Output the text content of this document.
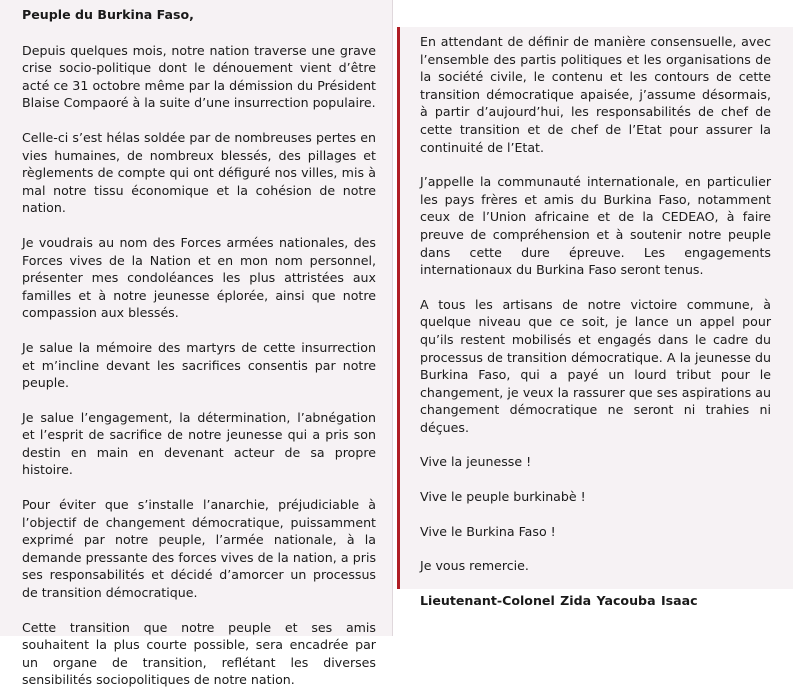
Peuple du Burkina Faso,

Depuis quelques mois, notre nation traverse une grave crise socio-politique dont le dénouement vient d’être acté ce 31 octobre même par la démission du Président Blaise Compaoré à la suite d’une insurrection populaire.

Celle-ci s’est hélas soldée par de nombreuses pertes en vies humaines, de nombreux blessés, des pillages et règlements de compte qui ont défiguré nos villes, mis à mal notre tissu économique et la cohésion de notre nation.

Je voudrais au nom des Forces armées nationales, des Forces vives de la Nation et en mon nom personnel, présenter mes condoléances les plus attristées aux familles et à notre jeunesse éplorée, ainsi que notre compassion aux blessés.

Je salue la mémoire des martyrs de cette insurrection et m’incline devant les sacrifices consentis par notre peuple.

Je salue l’engagement, la détermination, l’abnégation et l’esprit de sacrifice de notre jeunesse qui a pris son destin en main en devenant acteur de sa propre histoire.

Pour éviter que s’installe l’anarchie, préjudiciable à l’objectif de changement démocratique, puissamment exprimé par notre peuple, l’armée nationale, à la demande pressante des forces vives de la nation, a pris ses responsabilités et décidé d’amorcer un processus de transition démocratique.

Cette transition que notre peuple et ses amis souhaitent la plus courte possible, sera encadrée par un organe de transition, reflétant les diverses sensibilités sociopolitiques de notre nation.

En attendant de définir de manière consensuelle, avec l’ensemble des partis politiques et les organisations de la société civile, le contenu et les contours de cette transition démocratique apaisée, j’assume désormais, à partir d’aujourd’hui, les responsabilités de chef de cette transition et de chef de l’Etat pour assurer la continuité de l’Etat.

J’appelle la communauté internationale, en particulier les pays frères et amis du Burkina Faso, notamment ceux de l’Union africaine et de la CEDEAO, à faire preuve de compréhension et à soutenir notre peuple dans cette dure épreuve. Les engagements internationaux du Burkina Faso seront tenus.

A tous les artisans de notre victoire commune, à quelque niveau que ce soit, je lance un appel pour qu’ils restent mobilisés et engagés dans le cadre du processus de transition démocratique. A la jeunesse du Burkina Faso, qui a payé un lourd tribut pour le changement, je veux la rassurer que ses aspirations au changement démocratique ne seront ni trahies ni déçues.

Vive la jeunesse !

Vive le peuple burkinabè !

Vive le Burkina Faso !

Je vous remercie.

Lieutenant-Colonel Zida Yacouba Isaac
